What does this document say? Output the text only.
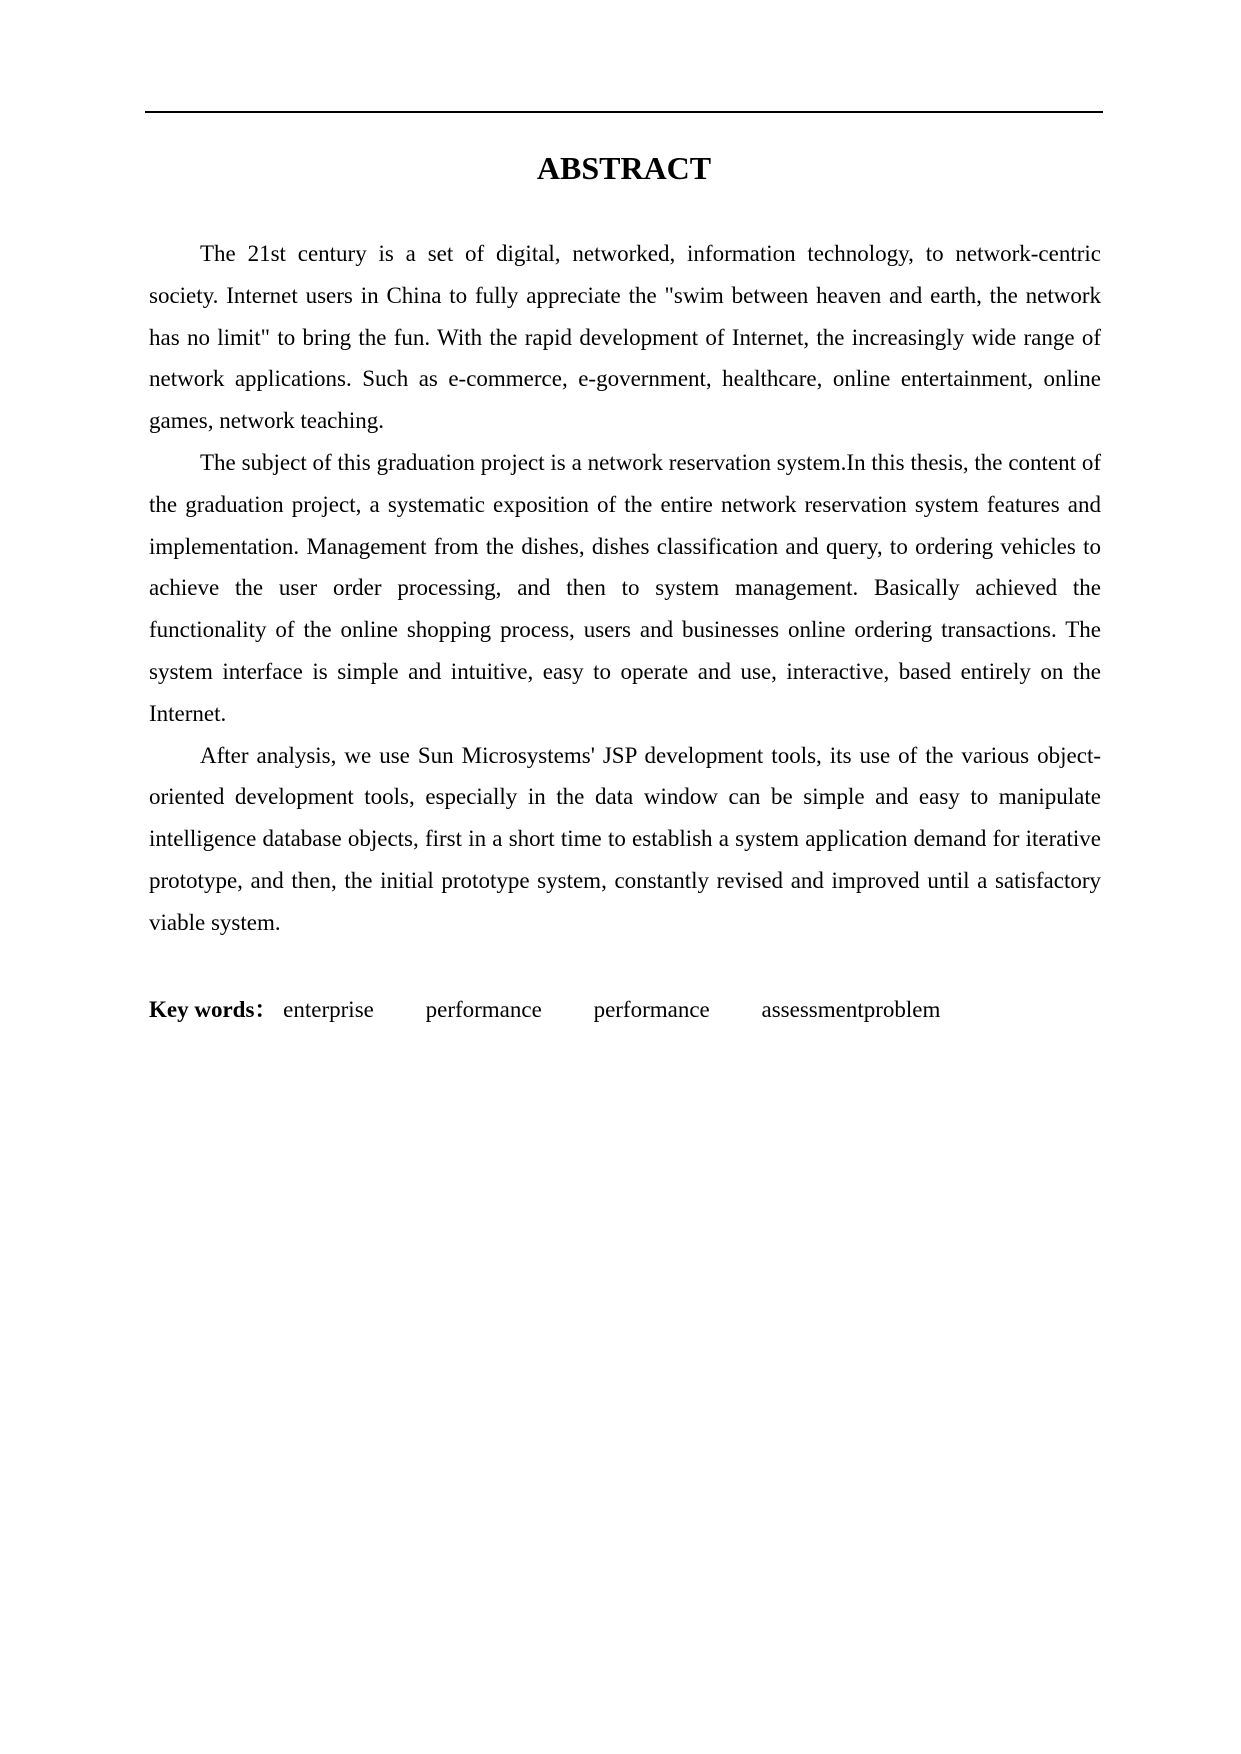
ABSTRACT

The 21st century is a set of digital, networked, information technology, to network-centric society. Internet users in China to fully appreciate the "swim between heaven and earth, the network has no limit" to bring the fun. With the rapid development of Internet, the increasingly wide range of network applications. Such as e-commerce, e-government, healthcare, online entertainment, online games, network teaching.

The subject of this graduation project is a network reservation system.In this thesis, the content of the graduation project, a systematic exposition of the entire network reservation system features and implementation. Management from the dishes, dishes classification and query, to ordering vehicles to achieve the user order processing, and then to system management. Basically achieved the functionality of the online shopping process, users and businesses online ordering transactions. The system interface is simple and intuitive, easy to operate and use, interactive, based entirely on the Internet.

After analysis, we use Sun Microsystems' JSP development tools, its use of the various object-oriented development tools, especially in the data window can be simple and easy to manipulate intelligence database objects, first in a short time to establish a system application demand for iterative prototype, and then, the initial prototype system, constantly revised and improved until a satisfactory viable system.

Key words： enterprise performance performance assessmentproblem
